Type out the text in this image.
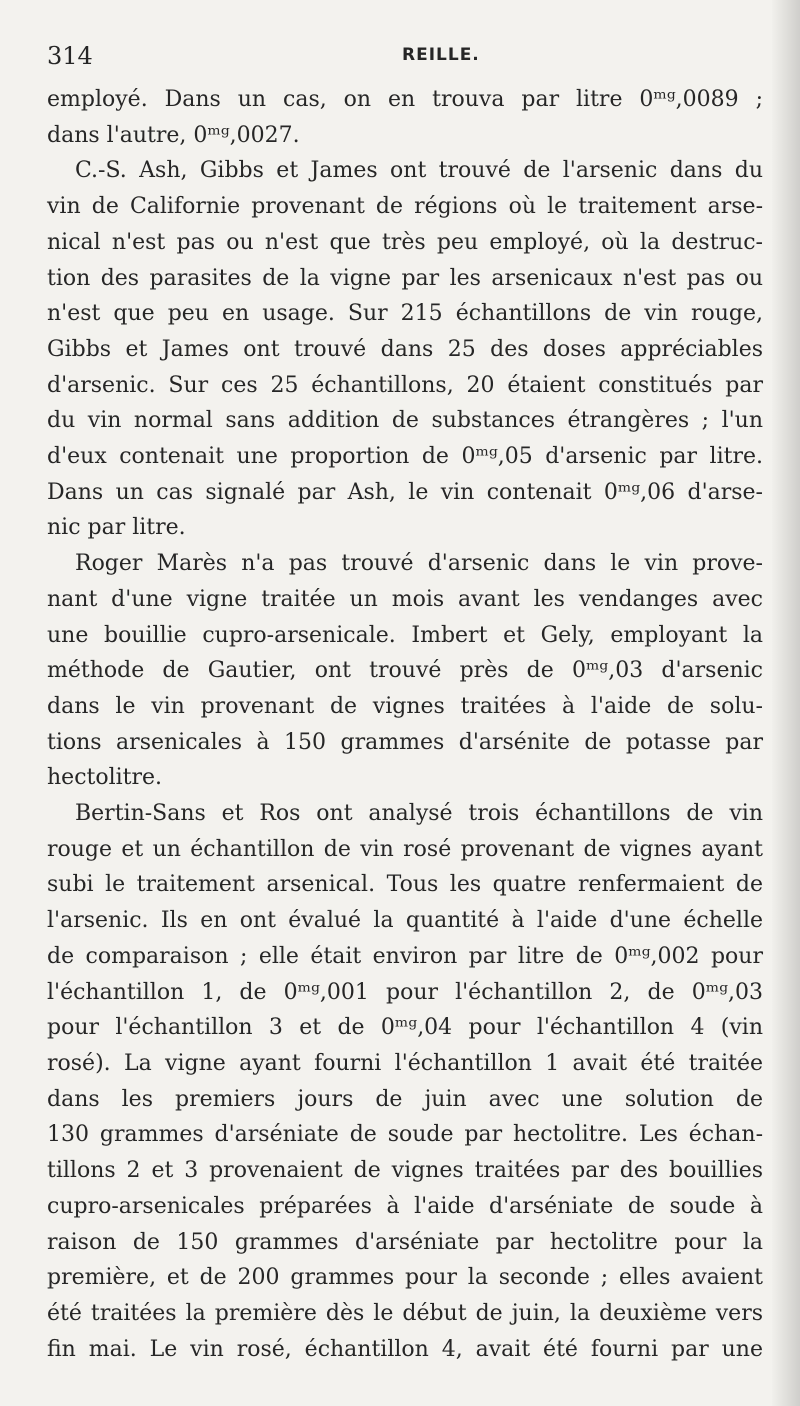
314	REILLE.
employé. Dans un cas, on en trouva par litre 0ᵐᵍ,0089 ;
dans l'autre, 0ᵐᵍ,0027.
C.-S. Ash, Gibbs et James ont trouvé de l'arsenic dans du
vin de Californie provenant de régions où le traitement arse-
nical n'est pas ou n'est que très peu employé, où la destruc-
tion des parasites de la vigne par les arsenicaux n'est pas ou
n'est que peu en usage. Sur 215 échantillons de vin rouge,
Gibbs et James ont trouvé dans 25 des doses appréciables
d'arsenic. Sur ces 25 échantillons, 20 étaient constitués par
du vin normal sans addition de substances étrangères ; l'un
d'eux contenait une proportion de 0ᵐᵍ,05 d'arsenic par litre.
Dans un cas signalé par Ash, le vin contenait 0ᵐᵍ,06 d'arse-
nic par litre.
Roger Marès n'a pas trouvé d'arsenic dans le vin prove-
nant d'une vigne traitée un mois avant les vendanges avec
une bouillie cupro-arsenicale. Imbert et Gely, employant la
méthode de Gautier, ont trouvé près de 0ᵐᵍ,03 d'arsenic
dans le vin provenant de vignes traitées à l'aide de solu-
tions arsenicales à 150 grammes d'arsénite de potasse par
hectolitre.
Bertin-Sans et Ros ont analysé trois échantillons de vin
rouge et un échantillon de vin rosé provenant de vignes ayant
subi le traitement arsenical. Tous les quatre renfermaient de
l'arsenic. Ils en ont évalué la quantité à l'aide d'une échelle
de comparaison ; elle était environ par litre de 0ᵐᵍ,002 pour
l'échantillon 1, de 0ᵐᵍ,001 pour l'échantillon 2, de 0ᵐᵍ,03
pour l'échantillon 3 et de 0ᵐᵍ,04 pour l'échantillon 4 (vin
rosé). La vigne ayant fourni l'échantillon 1 avait été traitée
dans les premiers jours de juin avec une solution de
130 grammes d'arséniate de soude par hectolitre. Les échan-
tillons 2 et 3 provenaient de vignes traitées par des bouillies
cupro-arsenicales préparées à l'aide d'arséniate de soude à
raison de 150 grammes d'arséniate par hectolitre pour la
première, et de 200 grammes pour la seconde ; elles avaient
été traitées la première dès le début de juin, la deuxième vers
fin mai. Le vin rosé, échantillon 4, avait été fourni par une
